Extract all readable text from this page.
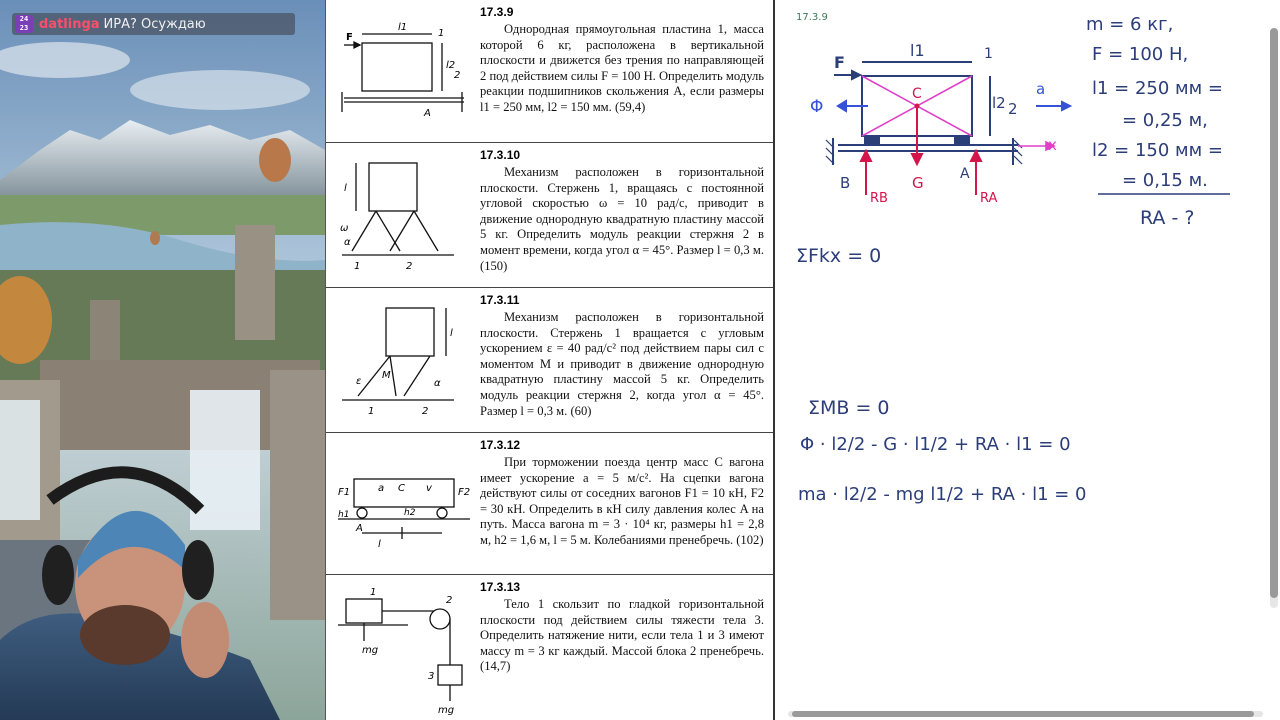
24 23 datlinga ИРА? Осуждаю	l1
l2
F	1
2
A
17.3.9
Однородная прямоугольная пластина 1, масса которой 6 кг, расположена в вертикальной плоскости и движется без трения по направляющей 2 под действием силы F = 100 Н. Определить модуль реакции подшипников скольжения A, если размеры l1 = 250 мм, l2 = 150 мм. (59,4)
l
ω
α
1	2
17.3.10
Механизм расположен в горизонтальной плоскости. Стержень 1, вращаясь с постоянной угловой скоростью ω = 10 рад/с, приводит в движение однородную квадратную пластину массой 5 кг. Определить модуль реакции стержня 2 в момент времени, когда угол α = 45°. Размер l = 0,3 м. (150)
l
M
ε	α
1	2
17.3.11
Механизм расположен в горизонтальной плоскости. Стержень 1 вращается с угловым ускорением ε = 40 рад/с² под действием пары сил с моментом M и приводит в движение однородную квадратную пластину массой 5 кг. Определить модуль реакции стержня 2, когда угол α = 45°. Размер l = 0,3 м. (60)
F1	F2
a C v
h1	h2
l
A
17.3.12
При торможении поезда центр масс C вагона имеет ускорение a = 5 м/с². На сцепки вагона действуют силы от соседних вагонов F1 = 10 кН, F2 = 30 кН. Определить в кН силу давления колес A на путь. Масса вагона m = 3 · 10⁴ кг, размеры h1 = 2,8 м, h2 = 1,6 м, l = 5 м. Колебаниями пренебречь. (102)
1
2
3
mg
mg
17.3.13
Тело 1 скользит по гладкой горизонтальной плоскости под действием силы тяжести тела 3. Определить натяжение нити, если тела 1 и 3 имеют массу m = 3 кг каждый. Массой блока 2 пренебречь. (14,7)
17.3.9
l1
l2
F	1
2
Φ
C	a
x
B	G	A
RB	RA
m = 6 кг,
F = 100 Н,
l1 = 250 мм =
= 0,25 м,
l2 = 150 мм =
= 0,15 м.
RA - ?
ΣFkx = 0
ΣMB = 0
Φ · l2/2 - G · l1/2 + RA · l1 = 0
ma · l2/2 - mg l1/2 + RA · l1 = 0
